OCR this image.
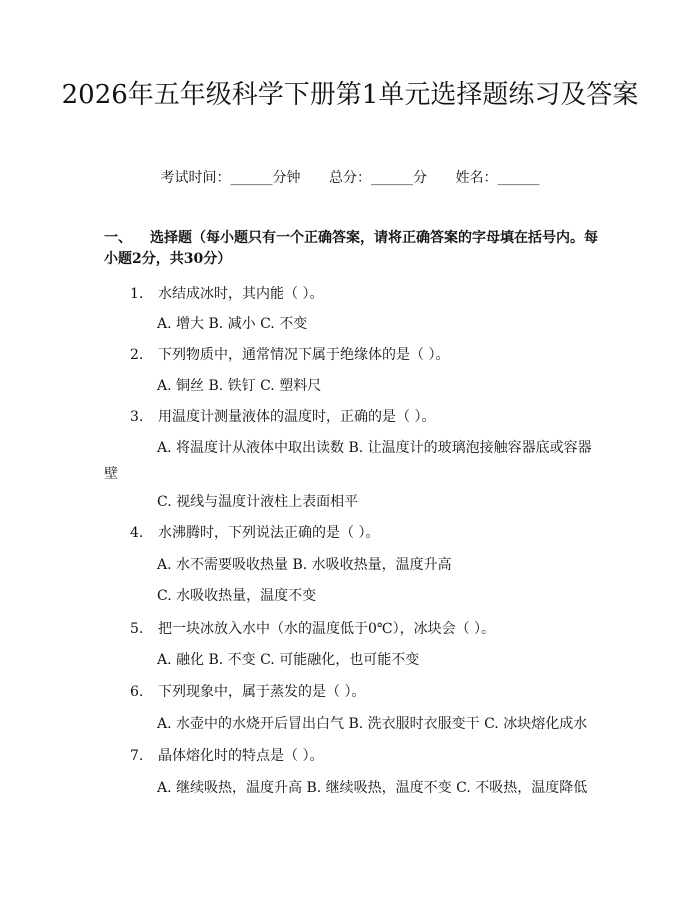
2026年五年级科学下册第1单元选择题练习及答案
考试时间：______分钟 总分：______分 姓名：______

一、 选择题（每小题只有一个正确答案，请将正确答案的字母填在括号内。每小题2分，共30分）

1. 水结成冰时，其内能（ ）。
A. 增大 B. 减小 C. 不变
2. 下列物质中，通常情况下属于绝缘体的是（ ）。
A. 铜丝 B. 铁钉 C. 塑料尺
3. 用温度计测量液体的温度时，正确的是（ ）。
A. 将温度计从液体中取出读数 B. 让温度计的玻璃泡接触容器底或容器壁
C. 视线与温度计液柱上表面相平
4. 水沸腾时，下列说法正确的是（ ）。
A. 水不需要吸收热量 B. 水吸收热量，温度升高
C. 水吸收热量，温度不变
5. 把一块冰放入水中（水的温度低于0℃），冰块会（ ）。
A. 融化 B. 不变 C. 可能融化，也可能不变
6. 下列现象中，属于蒸发的是（ ）。
A. 水壶中的水烧开后冒出白气 B. 洗衣服时衣服变干 C. 冰块熔化成水
7. 晶体熔化时的特点是（ ）。
A. 继续吸热，温度升高 B. 继续吸热，温度不变 C. 不吸热，温度降低
